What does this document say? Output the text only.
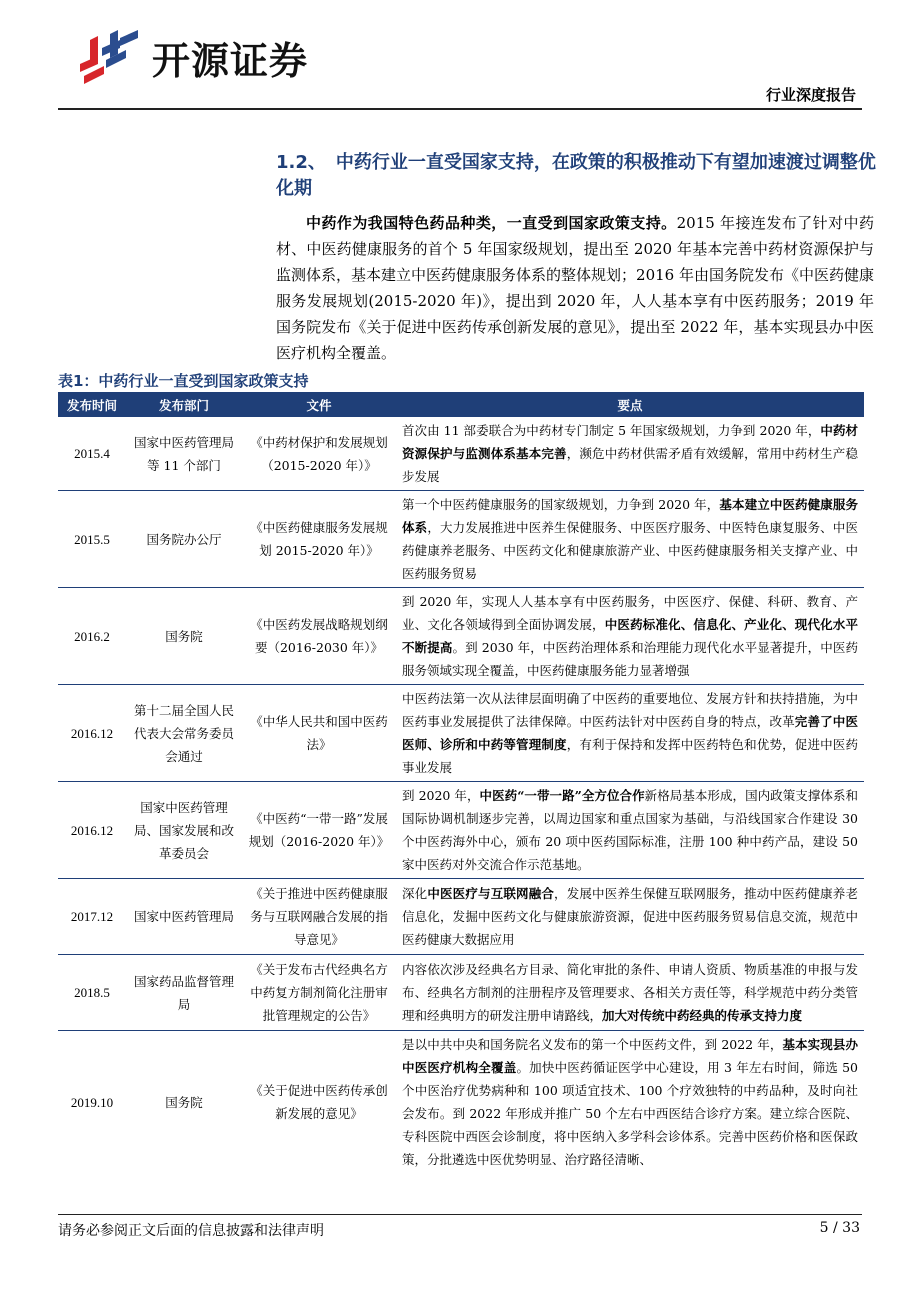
开源证券
行业深度报告
1.2、 中药行业一直受国家支持，在政策的积极推动下有望加速渡过调整优化期

中药作为我国特色药品种类，一直受到国家政策支持。2015 年接连发布了针对中药材、中医药健康服务的首个 5 年国家级规划，提出至 2020 年基本完善中药材资源保护与监测体系，基本建立中医药健康服务体系的整体规划；2016 年由国务院发布《中医药健康服务发展规划(2015-2020 年)》，提出到 2020 年，人人基本享有中医药服务；2019 年国务院发布《关于促进中医药传承创新发展的意见》，提出至 2022 年，基本实现县办中医医疗机构全覆盖。

表1：中药行业一直受到国家政策支持
发布时间	发布部门	文件	要点
2015.4	国家中医药管理局等 11 个部门	《中药材保护和发展规划（2015-2020 年）》	首次由 11 部委联合为中药材专门制定 5 年国家级规划，力争到 2020 年，中药材资源保护与监测体系基本完善，濒危中药材供需矛盾有效缓解，常用中药材生产稳步发展
2015.5	国务院办公厅	《中医药健康服务发展规划 2015-2020 年）》	第一个中医药健康服务的国家级规划，力争到 2020 年，基本建立中医药健康服务体系，大力发展推进中医养生保健服务、中医医疗服务、中医特色康复服务、中医药健康养老服务、中医药文化和健康旅游产业、中医药健康服务相关支撑产业、中医药服务贸易
2016.2	国务院	《中医药发展战略规划纲要（2016-2030 年）》	到 2020 年，实现人人基本享有中医药服务，中医医疗、保健、科研、教育、产业、文化各领域得到全面协调发展，中医药标准化、信息化、产业化、现代化水平不断提高。到 2030 年，中医药治理体系和治理能力现代化水平显著提升，中医药服务领域实现全覆盖，中医药健康服务能力显著增强
2016.12	第十二届全国人民代表大会常务委员会通过	《中华人民共和国中医药法》	中医药法第一次从法律层面明确了中医药的重要地位、发展方针和扶持措施，为中医药事业发展提供了法律保障。中医药法针对中医药自身的特点，改革完善了中医医师、诊所和中药等管理制度，有利于保持和发挥中医药特色和优势，促进中医药事业发展
2016.12	国家中医药管理局、国家发展和改革委员会	《中医药“一带一路”发展规划（2016-2020 年）》	到 2020 年，中医药“一带一路”全方位合作新格局基本形成，国内政策支撑体系和国际协调机制逐步完善，以周边国家和重点国家为基础，与沿线国家合作建设 30 个中医药海外中心，颁布 20 项中医药国际标准，注册 100 种中药产品，建设 50 家中医药对外交流合作示范基地。
2017.12	国家中医药管理局	《关于推进中医药健康服务与互联网融合发展的指导意见》	深化中医医疗与互联网融合，发展中医养生保健互联网服务，推动中医药健康养老信息化，发掘中医药文化与健康旅游资源，促进中医药服务贸易信息交流，规范中医药健康大数据应用
2018.5	国家药品监督管理局	《关于发布古代经典名方中药复方制剂简化注册审批管理规定的公告》	内容依次涉及经典名方目录、简化审批的条件、申请人资质、物质基准的申报与发布、经典名方制剂的注册程序及管理要求、各相关方责任等，科学规范中药分类管理和经典明方的研发注册申请路线，加大对传统中药经典的传承支持力度
2019.10	国务院	《关于促进中医药传承创新发展的意见》	是以中共中央和国务院名义发布的第一个中医药文件，到 2022 年，基本实现县办中医医疗机构全覆盖。加快中医药循证医学中心建设，用 3 年左右时间，筛选 50 个中医治疗优势病种和 100 项适宜技术、100 个疗效独特的中药品种，及时向社会发布。到 2022 年形成并推广 50 个左右中西医结合诊疗方案。建立综合医院、专科医院中西医会诊制度，将中医纳入多学科会诊体系。完善中医药价格和医保政策，分批遴选中医优势明显、治疗路径清晰、
请务必参阅正文后面的信息披露和法律声明	5 / 33
